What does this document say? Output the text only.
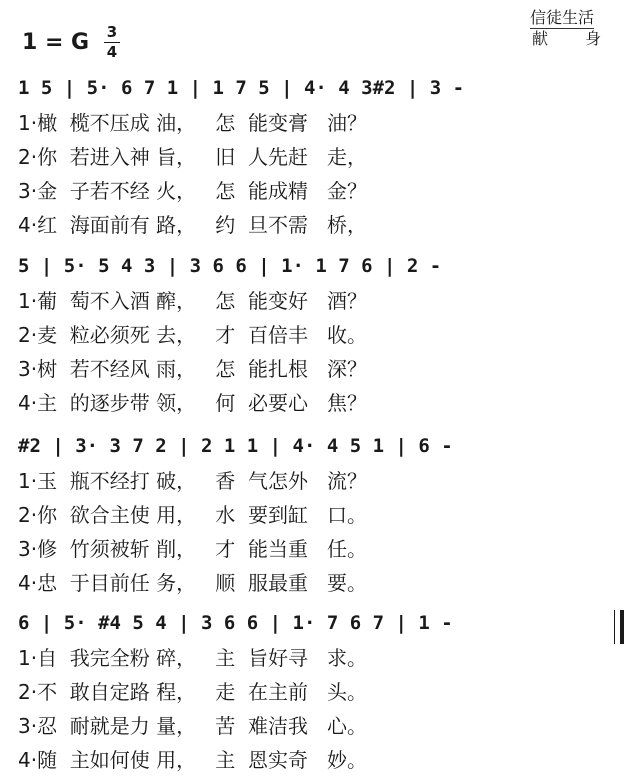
1 = G 3
4
信徒生活
献 身
1 5 | 5· 6 7 1 | 1 7 5 | 4· 4 3#2 | 3 -
1·橄  榄不压成 油，   怎  能变膏   油？
2·你  若进入神 旨，   旧  人先赶   走，
3·金  子若不经 火，   怎  能成精   金？
4·红  海面前有 路，   约  旦不需   桥，
5 | 5· 5 4 3 | 3 6 6 | 1· 1 7 6 | 2 -
1·葡  萄不入酒 醡，   怎  能变好   酒？
2·麦  粒必须死 去，   才  百倍丰   收。
3·树  若不经风 雨，   怎  能扎根   深？
4·主  的逐步带 领，   何  必要心   焦？
#2 | 3· 3 7 2 | 2 1 1 | 4· 4 5 1 | 6 -
1·玉  瓶不经打 破，   香  气怎外   流？
2·你  欲合主使 用，   水  要到缸   口。
3·修  竹须被斩 削，   才  能当重   任。
4·忠  于目前任 务，   顺  服最重   要。
6 | 5· #4 5 4 | 3 6 6 | 1· 7 6 7 | 1 -
1·自  我完全粉 碎，   主  旨好寻   求。
2·不  敢自定路 程，   走  在主前   头。
3·忍  耐就是力 量，   苦  难洁我   心。
4·随  主如何使 用，   主  恩实奇   妙。
